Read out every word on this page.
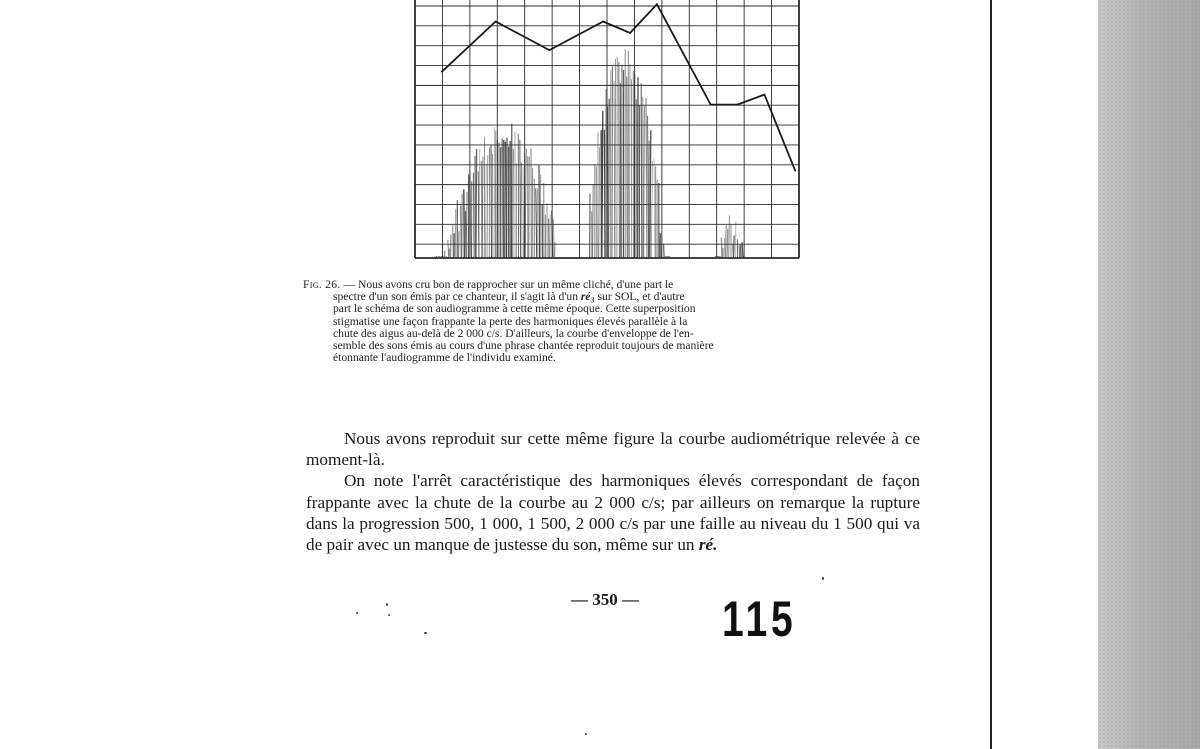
Fig. 26. — Nous avons cru bon de rapprocher sur un même cliché, d'une part le
spectre d'un son émis par ce chanteur, il s'agit là d'un ré₃ sur SOL, et d'autre
part le schéma de son audiogramme à cette même époque. Cette superposition
stigmatise une façon frappante la perte des harmoniques élevés parallèle à la
chute des aigus au-delà de 2 000 c/s. D'ailleurs, la courbe d'enveloppe de l'en-
semble des sons émis au cours d'une phrase chantée reproduit toujours de manière
étonnante l'audiogramme de l'individu examiné.

Nous avons reproduit sur cette même figure la courbe audiométrique relevée à ce moment-là.

On note l'arrêt caractéristique des harmoniques élevés correspondant de façon frappante avec la chute de la courbe au 2 000 c/s; par ailleurs on remarque la rupture dans la progression 500, 1 000, 1 500, 2 000 c/s par une faille au niveau du 1 500 qui va de pair avec un manque de justesse du son, même sur un ré.

— 350 — 115
